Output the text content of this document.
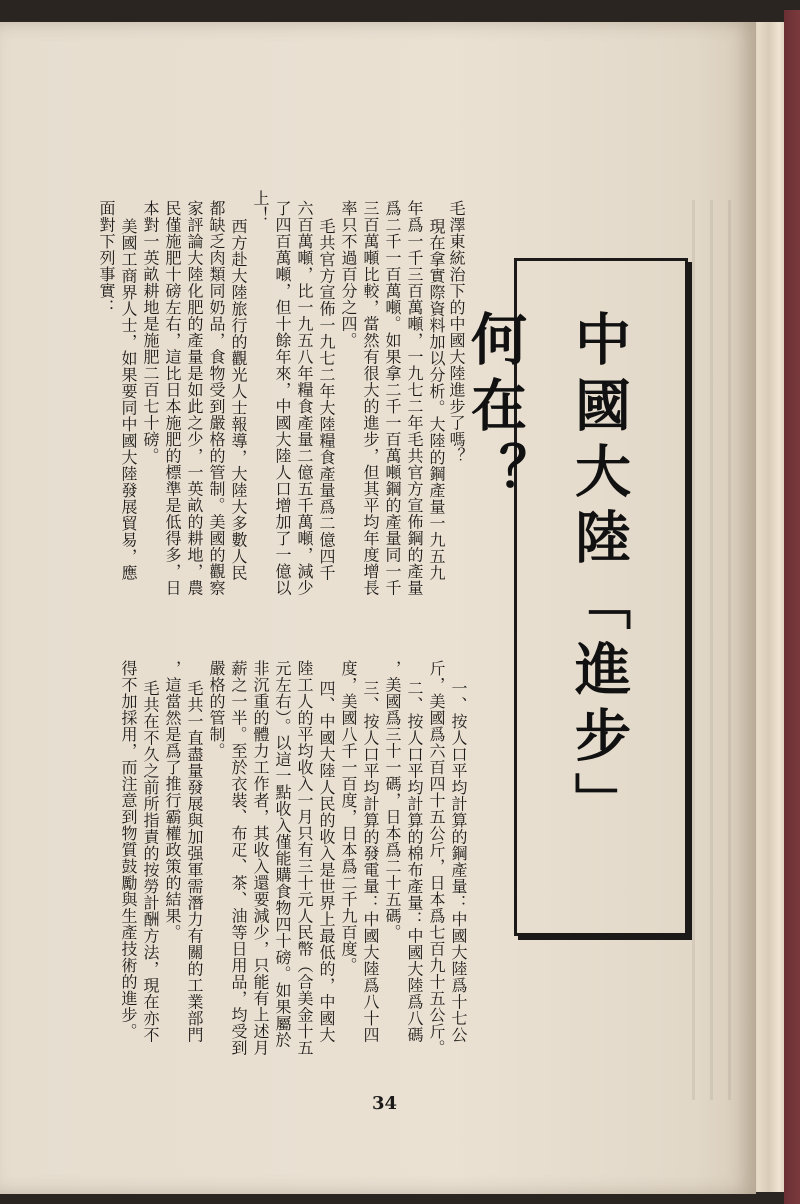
毛澤東統治下的中國大陸進步了嗎？
現在拿實際資料加以分析。大陸的鋼產量一九五九
年爲一千三百萬噸，一九七二年毛共官方宣佈鋼的產量
爲二千一百萬噸。如果拿二千一百萬噸鋼的產量同一千
三百萬噸比較，當然有很大的進步，但其平均年度增長
率只不過百分之四。
毛共官方宣佈一九七二年大陸糧食產量爲二億四千
六百萬噸，比一九五八年糧食產量二億五千萬噸，減少
了四百萬噸，但十餘年來，中國大陸人口增加了一億以
上！
西方赴大陸旅行的觀光人士報導，大陸大多數人民
都缺乏肉類同奶品，食物受到嚴格的管制。美國的觀察
家評論大陸化肥的產量是如此之少，一英畝的耕地，農
民僅施肥十磅左右，這比日本施肥的標準是低得多，日
本對一英畝耕地是施肥二百七十磅。
美國工商界人士，如果要同中國大陸發展貿易，應
面對下列事實：
中國大陸「進步」何在？
一、按人口平均計算的鋼產量：中國大陸爲十七公
斤，美國爲六百四十五公斤，日本爲七百九十五公斤。
二、按人口平均計算的棉布產量：中國大陸爲八碼
，美國爲三十一碼，日本爲二十五碼。
三、按人口平均計算的發電量：中國大陸爲八十四
度，美國八千一百度，日本爲二千九百度。
四、中國大陸人民的收入是世界上最低的，中國大
陸工人的平均收入一月只有三十元人民幣（合美金十五
元左右）。以這一點收入僅能購食物四十磅。如果屬於
非沉重的體力工作者，其收入還要減少，只能有上述月
薪之一半。至於衣裝、布疋、茶、油等日用品，均受到
嚴格的管制。
毛共一直盡量發展與加强軍需潛力有關的工業部門
，這當然是爲了推行霸權政策的結果。
毛共在不久之前所指責的按勞計酬方法，現在亦不
得不加採用，而注意到物質鼓勵與生產技術的進步。
34
